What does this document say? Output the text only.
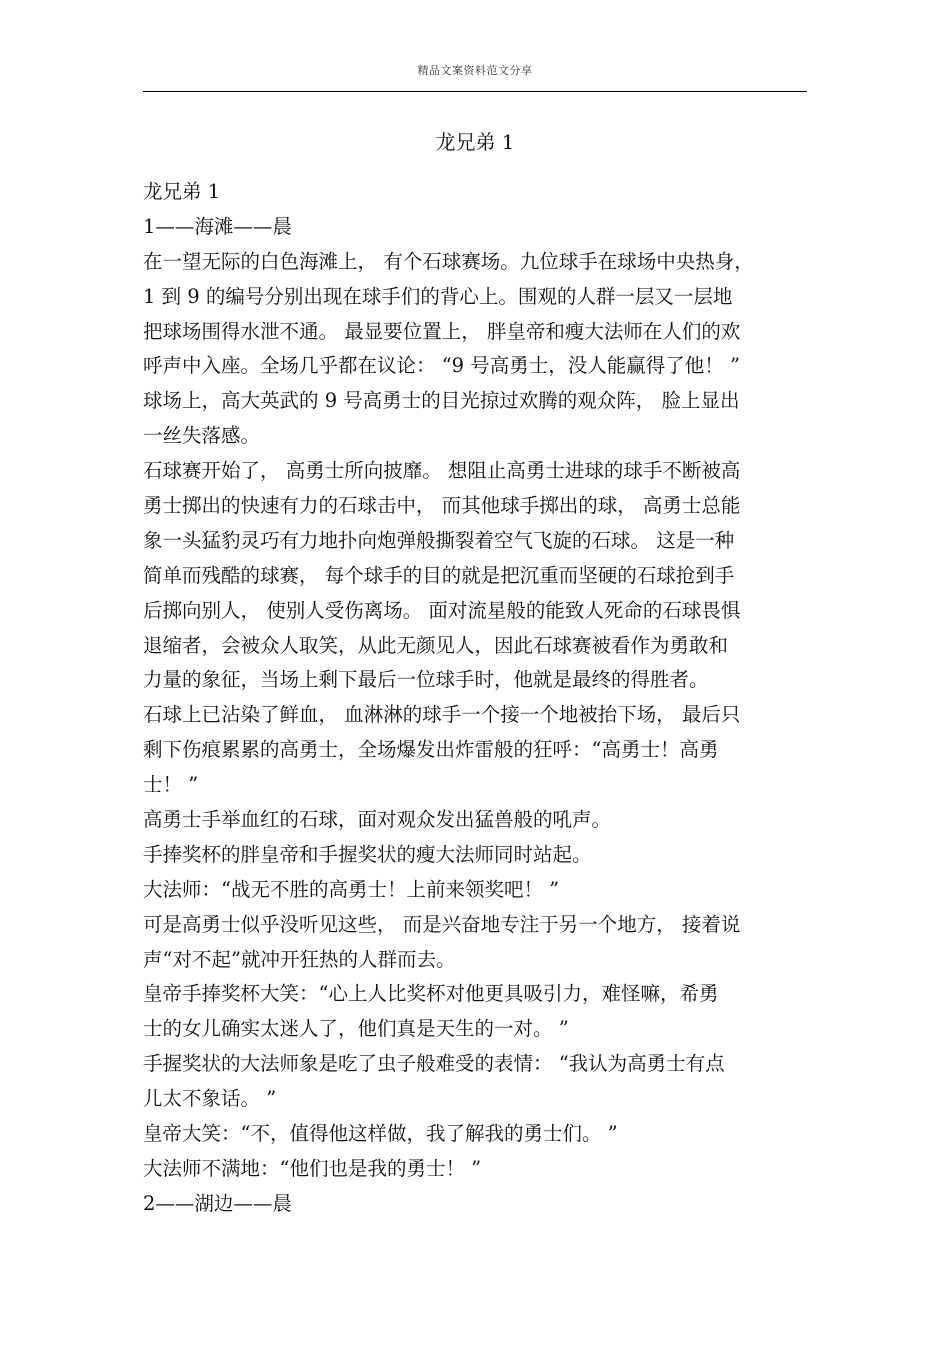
精品文案资料范文分享
龙兄弟 1
龙兄弟 1
1——海滩——晨
在一望无际的白色海滩上， 有个石球赛场。九位球手在球场中央热身，
1 到 9 的编号分别出现在球手们的背心上。围观的人群一层又一层地
把球场围得水泄不通。 最显要位置上， 胖皇帝和瘦大法师在人们的欢
呼声中入座。全场几乎都在议论： “9 号高勇士，没人能赢得了他！ ”
球场上，高大英武的 9 号高勇士的目光掠过欢腾的观众阵， 脸上显出
一丝失落感。
石球赛开始了， 高勇士所向披靡。 想阻止高勇士进球的球手不断被高
勇士掷出的快速有力的石球击中， 而其他球手掷出的球， 高勇士总能
象一头猛豹灵巧有力地扑向炮弹般撕裂着空气飞旋的石球。 这是一种
简单而残酷的球赛， 每个球手的目的就是把沉重而坚硬的石球抢到手
后掷向别人， 使别人受伤离场。 面对流星般的能致人死命的石球畏惧
退缩者，会被众人取笑，从此无颜见人，因此石球赛被看作为勇敢和
力量的象征，当场上剩下最后一位球手时，他就是最终的得胜者。
石球上已沾染了鲜血， 血淋淋的球手一个接一个地被抬下场， 最后只
剩下伤痕累累的高勇士，全场爆发出炸雷般的狂呼：“高勇士！高勇
士！ ”
高勇士手举血红的石球，面对观众发出猛兽般的吼声。
手捧奖杯的胖皇帝和手握奖状的瘦大法师同时站起。
大法师：“战无不胜的高勇士！上前来领奖吧！ ”
可是高勇士似乎没听见这些， 而是兴奋地专注于另一个地方， 接着说
声“对不起”就冲开狂热的人群而去。
皇帝手捧奖杯大笑：“心上人比奖杯对他更具吸引力，难怪嘛，希勇
士的女儿确实太迷人了，他们真是天生的一对。 ”
手握奖状的大法师象是吃了虫子般难受的表情： “我认为高勇士有点
儿太不象话。 ”
皇帝大笑：“不，值得他这样做，我了解我的勇士们。 ”
大法师不满地：“他们也是我的勇士！ ”
2——湖边——晨
